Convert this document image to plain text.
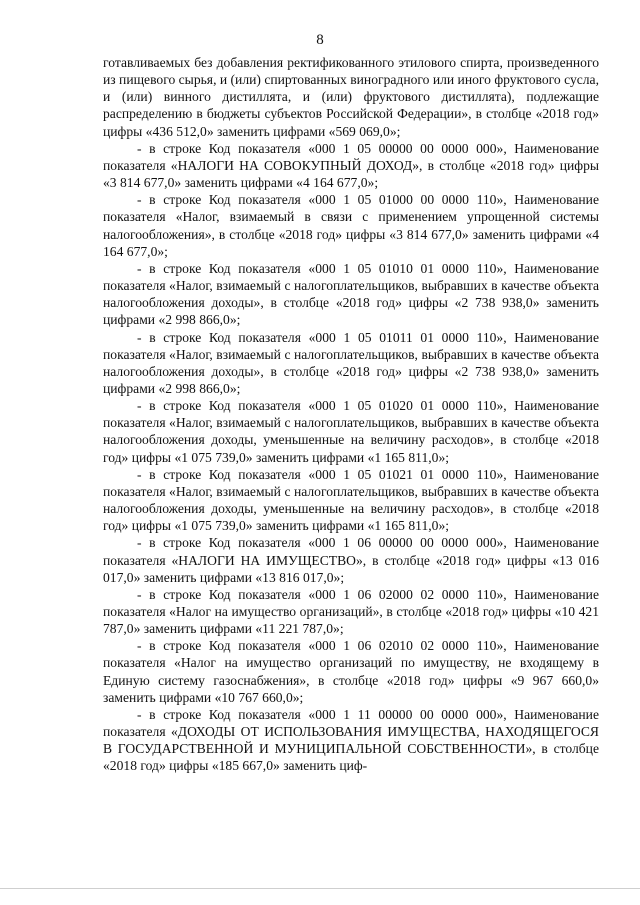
8

готавливаемых без добавления ректификованного этилового спирта, произведенного из пищевого сырья, и (или) спиртованных виноградного или иного фруктового сусла, и (или) винного дистиллята, и (или) фруктового дистиллята), подлежащие распределению в бюджеты субъектов Российской Федерации», в столбце «2018 год» цифры «436 512,0» заменить цифрами «569 069,0»;

- в строке Код показателя «000 1 05 00000 00 0000 000», Наименование показателя «НАЛОГИ НА СОВОКУПНЫЙ ДОХОД», в столбце «2018 год» цифры «3 814 677,0» заменить цифрами «4 164 677,0»;

- в строке Код показателя «000 1 05 01000 00 0000 110», Наименование показателя «Налог, взимаемый в связи с применением упрощенной системы налогообложения», в столбце «2018 год» цифры «3 814 677,0» заменить цифрами «4 164 677,0»;

- в строке Код показателя «000 1 05 01010 01 0000 110», Наименование показателя «Налог, взимаемый с налогоплательщиков, выбравших в качестве объекта налогообложения доходы», в столбце «2018 год» цифры «2 738 938,0» заменить цифрами «2 998 866,0»;

- в строке Код показателя «000 1 05 01011 01 0000 110», Наименование показателя «Налог, взимаемый с налогоплательщиков, выбравших в качестве объекта налогообложения доходы», в столбце «2018 год» цифры «2 738 938,0» заменить цифрами «2 998 866,0»;

- в строке Код показателя «000 1 05 01020 01 0000 110», Наименование показателя «Налог, взимаемый с налогоплательщиков, выбравших в качестве объекта налогообложения доходы, уменьшенные на величину расходов», в столбце «2018 год» цифры «1 075 739,0» заменить цифрами «1 165 811,0»;

- в строке Код показателя «000 1 05 01021 01 0000 110», Наименование показателя «Налог, взимаемый с налогоплательщиков, выбравших в качестве объекта налогообложения доходы, уменьшенные на величину расходов», в столбце «2018 год» цифры «1 075 739,0» заменить цифрами «1 165 811,0»;

- в строке Код показателя «000 1 06 00000 00 0000 000», Наименование показателя «НАЛОГИ НА ИМУЩЕСТВО», в столбце «2018 год» цифры «13 016 017,0» заменить цифрами «13 816 017,0»;

- в строке Код показателя «000 1 06 02000 02 0000 110», Наименование показателя «Налог на имущество организаций», в столбце «2018 год» цифры «10 421 787,0» заменить цифрами «11 221 787,0»;

- в строке Код показателя «000 1 06 02010 02 0000 110», Наименование показателя «Налог на имущество организаций по имуществу, не входящему в Единую систему газоснабжения», в столбце «2018 год» цифры «9 967 660,0» заменить цифрами «10 767 660,0»;

- в строке Код показателя «000 1 11 00000 00 0000 000», Наименование показателя «ДОХОДЫ ОТ ИСПОЛЬЗОВАНИЯ ИМУЩЕСТВА, НАХОДЯЩЕГОСЯ В ГОСУДАРСТВЕННОЙ И МУНИЦИПАЛЬНОЙ СОБСТВЕННОСТИ», в столбце «2018 год» цифры «185 667,0» заменить циф-
